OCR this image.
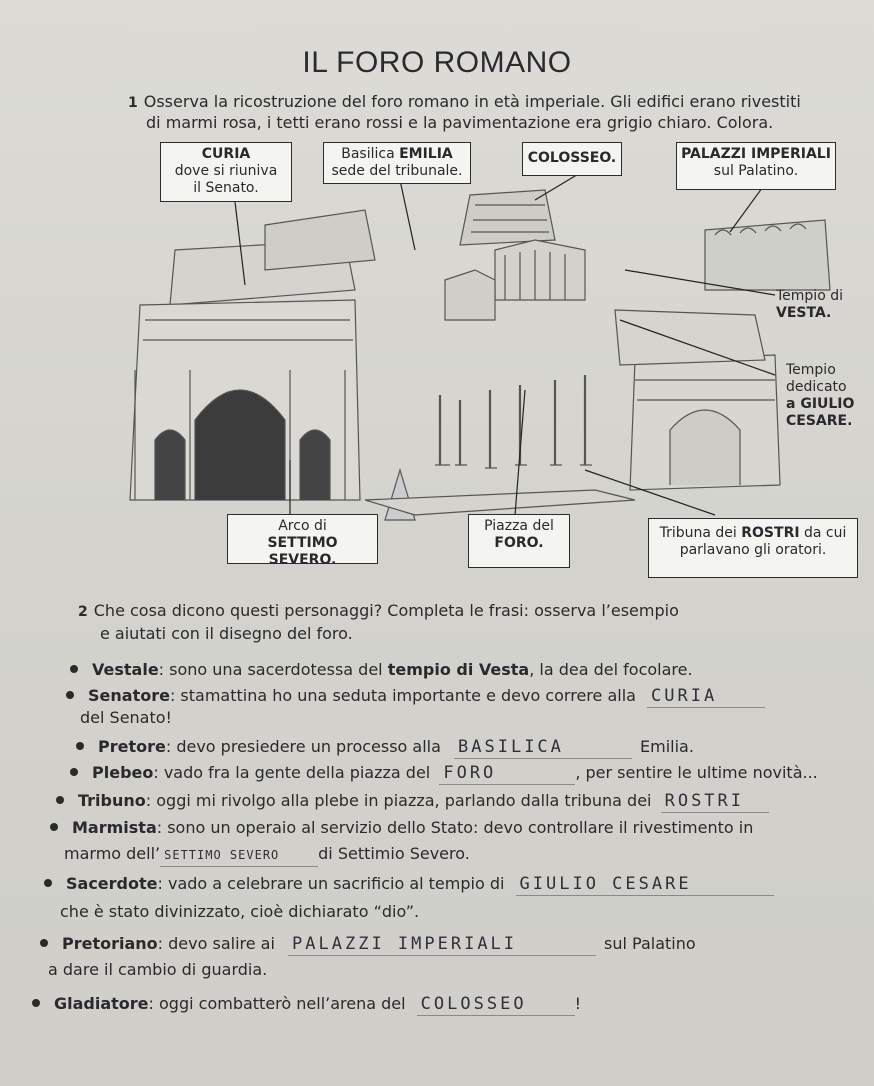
IL FORO ROMANO
1 Osserva la ricostruzione del foro romano in età imperiale. Gli edifici erano rivestiti
di marmi rosa, i tetti erano rossi e la pavimentazione era grigio chiaro. Colora.
CURIA
dove si riuniva
il Senato.
Basilica EMILIA
sede del tribunale.
COLOSSEO.	PALAZZI IMPERIALI
sul Palatino.
Tempio di
VESTA.
Tempio
dedicato
a GIULIO
CESARE.
Arco di
SETTIMO SEVERO.
Piazza del
FORO.
Tribuna dei ROSTRI da cui
parlavano gli oratori.
2 Che cosa dicono questi personaggi? Completa le frasi: osserva l’esempio
e aiutati con il disegno del foro.
Vestale: sono una sacerdotessa del tempio di Vesta, la dea del focolare.
Senatore: stamattina ho una seduta importante e devo correre alla CURIA
del Senato!
Pretore: devo presiedere un processo alla BASILICA	Emilia.
Plebeo: vado fra la gente della piazza del FORO	, per sentire le ultime novità...
Tribuno: oggi mi rivolgo alla plebe in piazza, parlando dalla tribuna dei ROSTRI
Marmista: sono un operaio al servizio dello Stato: devo controllare il rivestimento in
marmo dell’ SETTIMO SEVERO di Settimio Severo.
Sacerdote: vado a celebrare un sacrificio al tempio di GIULIO CESARE
che è stato divinizzato, cioè dichiarato “dio”.
Pretoriano: devo salire ai PALAZZI IMPERIALI	sul Palatino
a dare il cambio di guardia.
Gladiatore: oggi combatterò nell’arena del COLOSSEO	!
